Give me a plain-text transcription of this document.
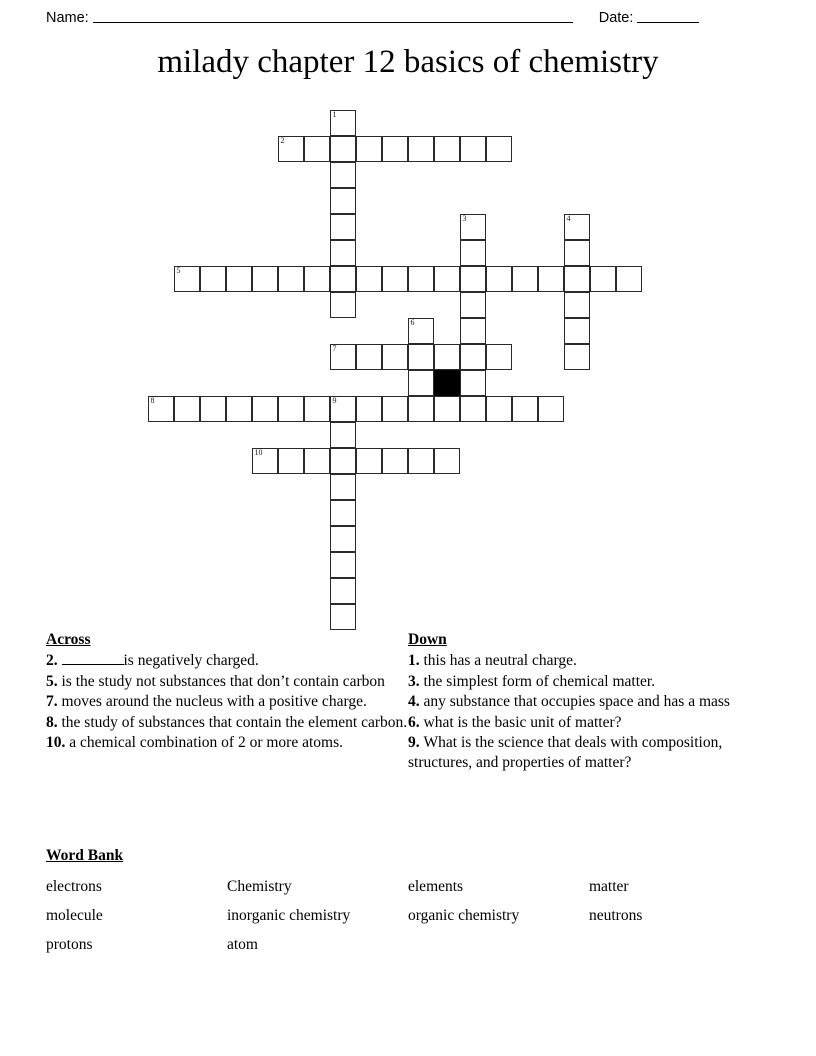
Name:	Date:
milady chapter 12 basics of chemistry
1
2
3	4
5
6
7
8	9
10
Across
2.	is negatively charged.
5. is the study not substances that don’t contain carbon
7. moves around the nucleus with a positive charge.
8. the study of substances that contain the element carbon.
10. a chemical combination of 2 or more atoms.
Down
1. this has a neutral charge.
3. the simplest form of chemical matter.
4. any substance that occupies space and has a mass
6. what is the basic unit of matter?
9. What is the science that deals with composition, structures, and properties of matter?
Word Bank
electrons	Chemistry	elements	matter
molecule	inorganic chemistry	organic chemistry	neutrons
protons	atom
